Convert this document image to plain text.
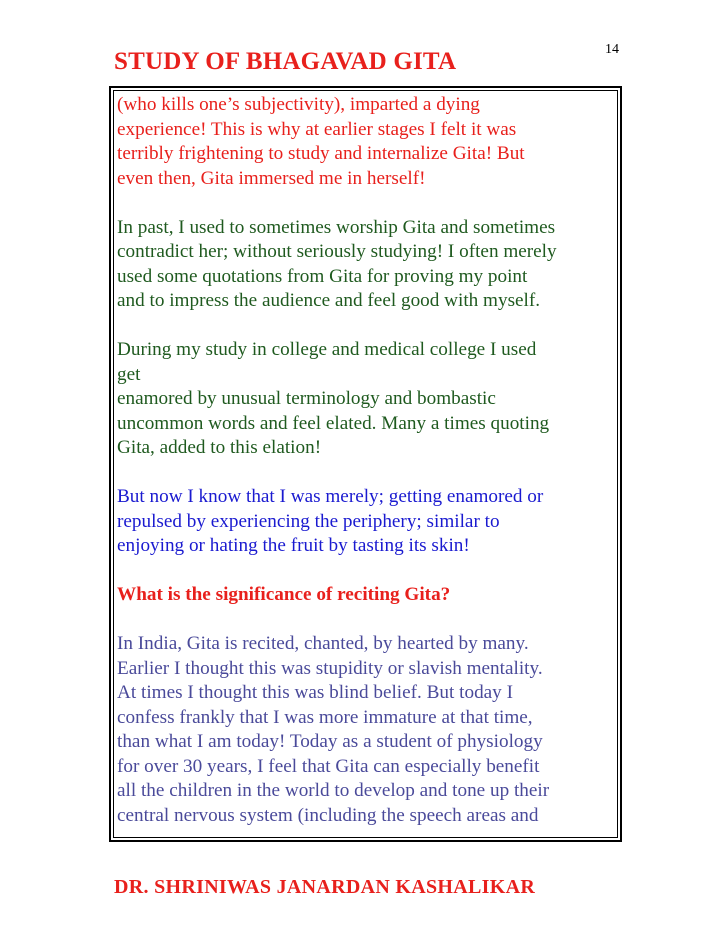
STUDY OF BHAGAVAD GITA	14
(who kills one’s subjectivity), imparted a dying
experience! This is why at earlier stages I felt it was
terribly frightening to study and internalize Gita! But
even then, Gita immersed me in herself!
In past, I used to sometimes worship Gita and sometimes
contradict her; without seriously studying! I often merely
used some quotations from Gita for proving my point
and to impress the audience and feel good with myself.
During my study in college and medical college I used
get
enamored by unusual terminology and bombastic
uncommon words and feel elated. Many a times quoting
Gita, added to this elation!
But now I know that I was merely; getting enamored or
repulsed by experiencing the periphery; similar to
enjoying or hating the fruit by tasting its skin!
What is the significance of reciting Gita?
In India, Gita is recited, chanted, by hearted by many.
Earlier I thought this was stupidity or slavish mentality.
At times I thought this was blind belief. But today I
confess frankly that I was more immature at that time,
than what I am today! Today as a student of physiology
for over 30 years, I feel that Gita can especially benefit
all the children in the world to develop and tone up their
central nervous system (including the speech areas and
DR. SHRINIWAS JANARDAN KASHALIKAR
